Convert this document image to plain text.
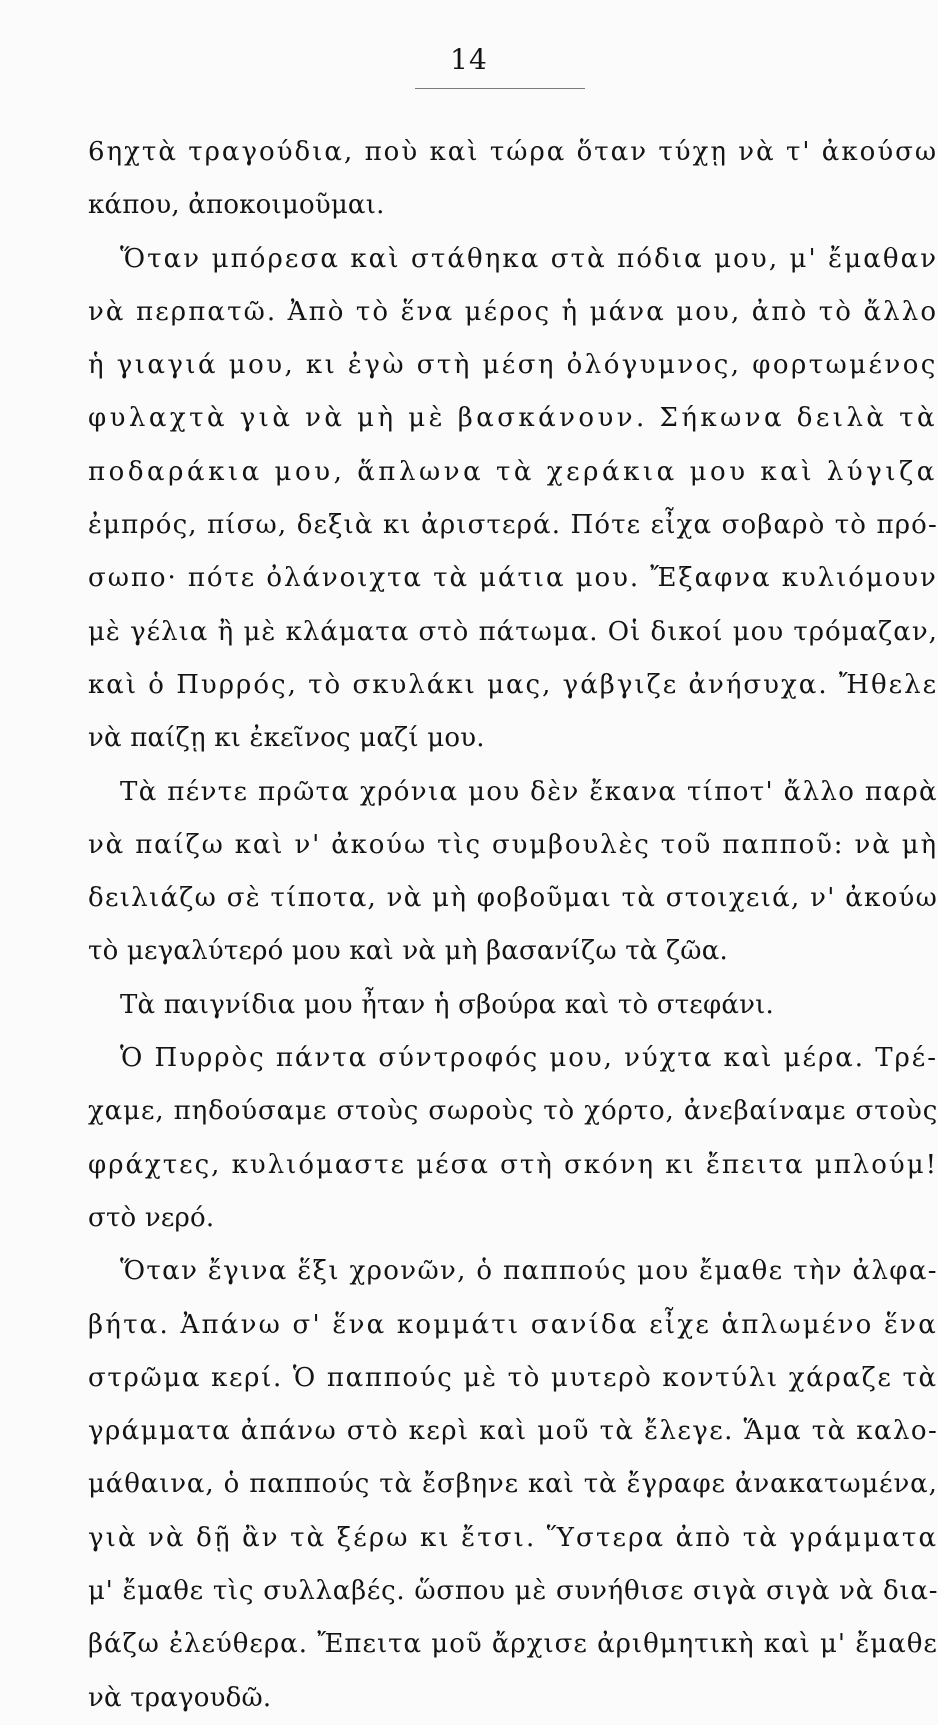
14
6ηχτὰ τραγούδια, ποὺ καὶ τώρα ὅταν τύχῃ νὰ τ' ἀκούσω
κάπου, ἀποκοιμοῦμαι.
Ὅταν μπόρεσα καὶ στάθηκα στὰ πόδια μου, μ' ἔμαθαν
νὰ περπατῶ. Ἀπὸ τὸ ἕνα μέρος ἡ μάνα μου, ἀπὸ τὸ ἄλλο
ἡ γιαγιά μου, κι ἐγὼ στὴ μέση ὀλόγυμνος, φορτωμένος
φυλαχτὰ γιὰ νὰ μὴ μὲ βασκάνουν. Σήκωνα δειλὰ τὰ
ποδαράκια μου, ἅπλωνα τὰ χεράκια μου καὶ λύγιζα
ἐμπρός, πίσω, δεξιὰ κι ἀριστερά. Πότε εἶχα σοβαρὸ τὸ πρό-
σωπο· πότε ὀλάνοιχτα τὰ μάτια μου. Ἔξαφνα κυλιόμουν
μὲ γέλια ἢ μὲ κλάματα στὸ πάτωμα. Οἱ δικοί μου τρόμαζαν,
καὶ ὁ Πυρρός, τὸ σκυλάκι μας, γάβγιζε ἀνήσυχα. Ἤθελε
νὰ παίζῃ κι ἐκεῖνος μαζί μου.
Τὰ πέντε πρῶτα χρόνια μου δὲν ἔκανα τίποτ' ἄλλο παρὰ
νὰ παίζω καὶ ν' ἀκούω τὶς συμβουλὲς τοῦ παπποῦ: νὰ μὴ
δειλιάζω σὲ τίποτα, νὰ μὴ φοβοῦμαι τὰ στοιχειά, ν' ἀκούω
τὸ μεγαλύτερό μου καὶ νὰ μὴ βασανίζω τὰ ζῶα.
Τὰ παιγνίδια μου ἦταν ἡ σβούρα καὶ τὸ στεφάνι.
Ὁ Πυρρὸς πάντα σύντροφός μου, νύχτα καὶ μέρα. Τρέ-
χαμε, πηδούσαμε στοὺς σωροὺς τὸ χόρτο, ἀνεβαίναμε στοὺς
φράχτες, κυλιόμαστε μέσα στὴ σκόνη κι ἔπειτα μπλούμ!
στὸ νερό.
Ὅταν ἔγινα ἕξι χρονῶν, ὁ παππούς μου ἔμαθε τὴν ἀλφα-
βήτα. Ἀπάνω σ' ἕνα κομμάτι σανίδα εἶχε ἁπλωμένο ἕνα
στρῶμα κερί. Ὁ παππούς μὲ τὸ μυτερὸ κοντύλι χάραζε τὰ
γράμματα ἀπάνω στὸ κερὶ καὶ μοῦ τὰ ἔλεγε. Ἅμα τὰ καλο-
μάθαινα, ὁ παππούς τὰ ἔσβηνε καὶ τὰ ἔγραφε ἀνακατωμένα,
γιὰ νὰ δῇ ἂν τὰ ξέρω κι ἔτσι. Ὕστερα ἀπὸ τὰ γράμματα
μ' ἔμαθε τὶς συλλαβές. ὥσπου μὲ συνήθισε σιγὰ σιγὰ νὰ δια-
βάζω ἐλεύθερα. Ἔπειτα μοῦ ἄρχισε ἀριθμητικὴ καὶ μ' ἔμαθε
νὰ τραγουδῶ.
